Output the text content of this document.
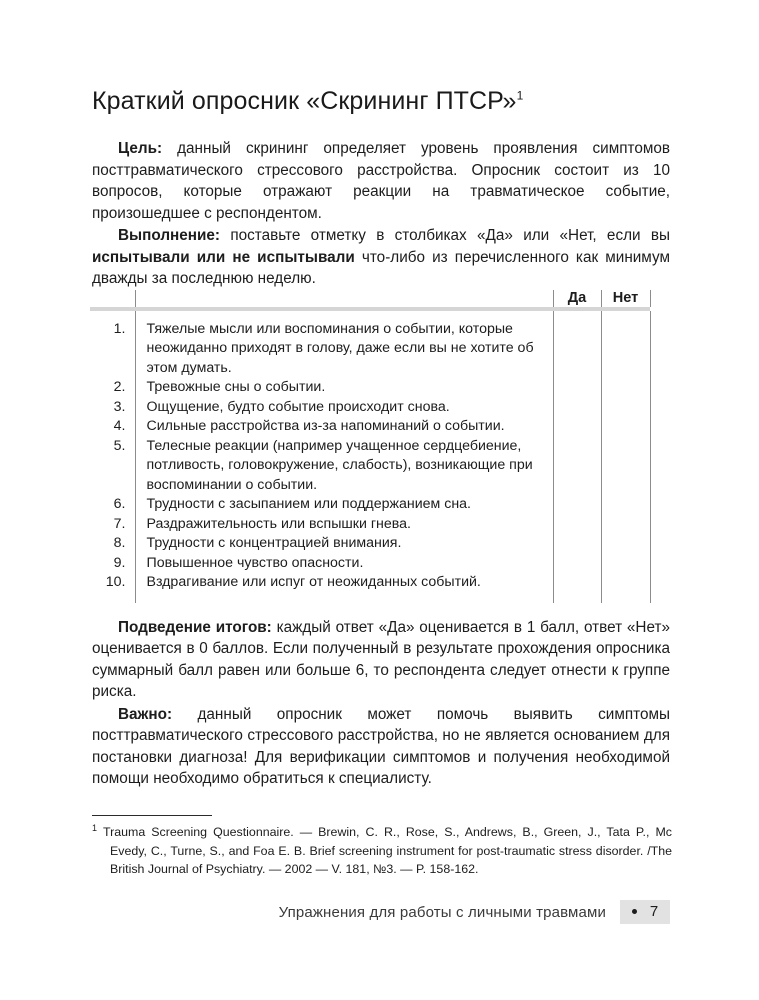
Краткий опросник «Скрининг ПТСР»$^1$

Цель: данный скрининг определяет уровень проявления симптомов посттравматического стрессового расстройства. Опросник состоит из 10 вопросов, которые отражают реакции на травматическое событие, произошедшее с респондентом.

Выполнение: поставьте отметку в столбиках «Да» или «Нет, если вы испытывали или не испытывали что-либо из перечисленного как минимум дважды за последнюю неделю.

		Да	Нет

1.	Тяжелые мысли или воспоминания о событии, которые неожиданно приходят в голову, даже если вы не хотите об этом думать.		
2.	Тревожные сны о событии.		
3.	Ощущение, будто событие происходит снова.		
4.	Сильные расстройства из-за напоминаний о событии.		
5.	Телесные реакции (например учащенное сердцебиение, потливость, головокружение, слабость), возникающие при воспоминании о событии.		
6.	Трудности с засыпанием или поддержанием сна.		
7.	Раздражительность или вспышки гнева.		
8.	Трудности с концентрацией внимания.		
9.	Повышенное чувство опасности.		
10.	Вздрагивание или испуг от неожиданных событий.		

Подведение итогов: каждый ответ «Да» оценивается в 1 балл, ответ «Нет» оценивается в 0 баллов. Если полученный в результате прохождения опросника суммарный балл равен или больше 6, то респондента следует отнести к группе риска.

Важно: данный опросник может помочь выявить симптомы посттравматического стрессового расстройства, но не является основанием для постановки диагноза! Для верификации симптомов и получения необходимой помощи необходимо обратиться к специалисту.

$^1$ Trauma Screening Questionnaire. — Brewin, C. R., Rose, S., Andrews, B., Green, J., Tata P., Mc Evedy, C., Turne, S., and Foa E. B. Brief screening instrument for post-traumatic stress disorder. /The British Journal of Psychiatry. — 2002 — V. 181, №3. — P. 158-162.

Упражнения для работы с личными травмами	7
